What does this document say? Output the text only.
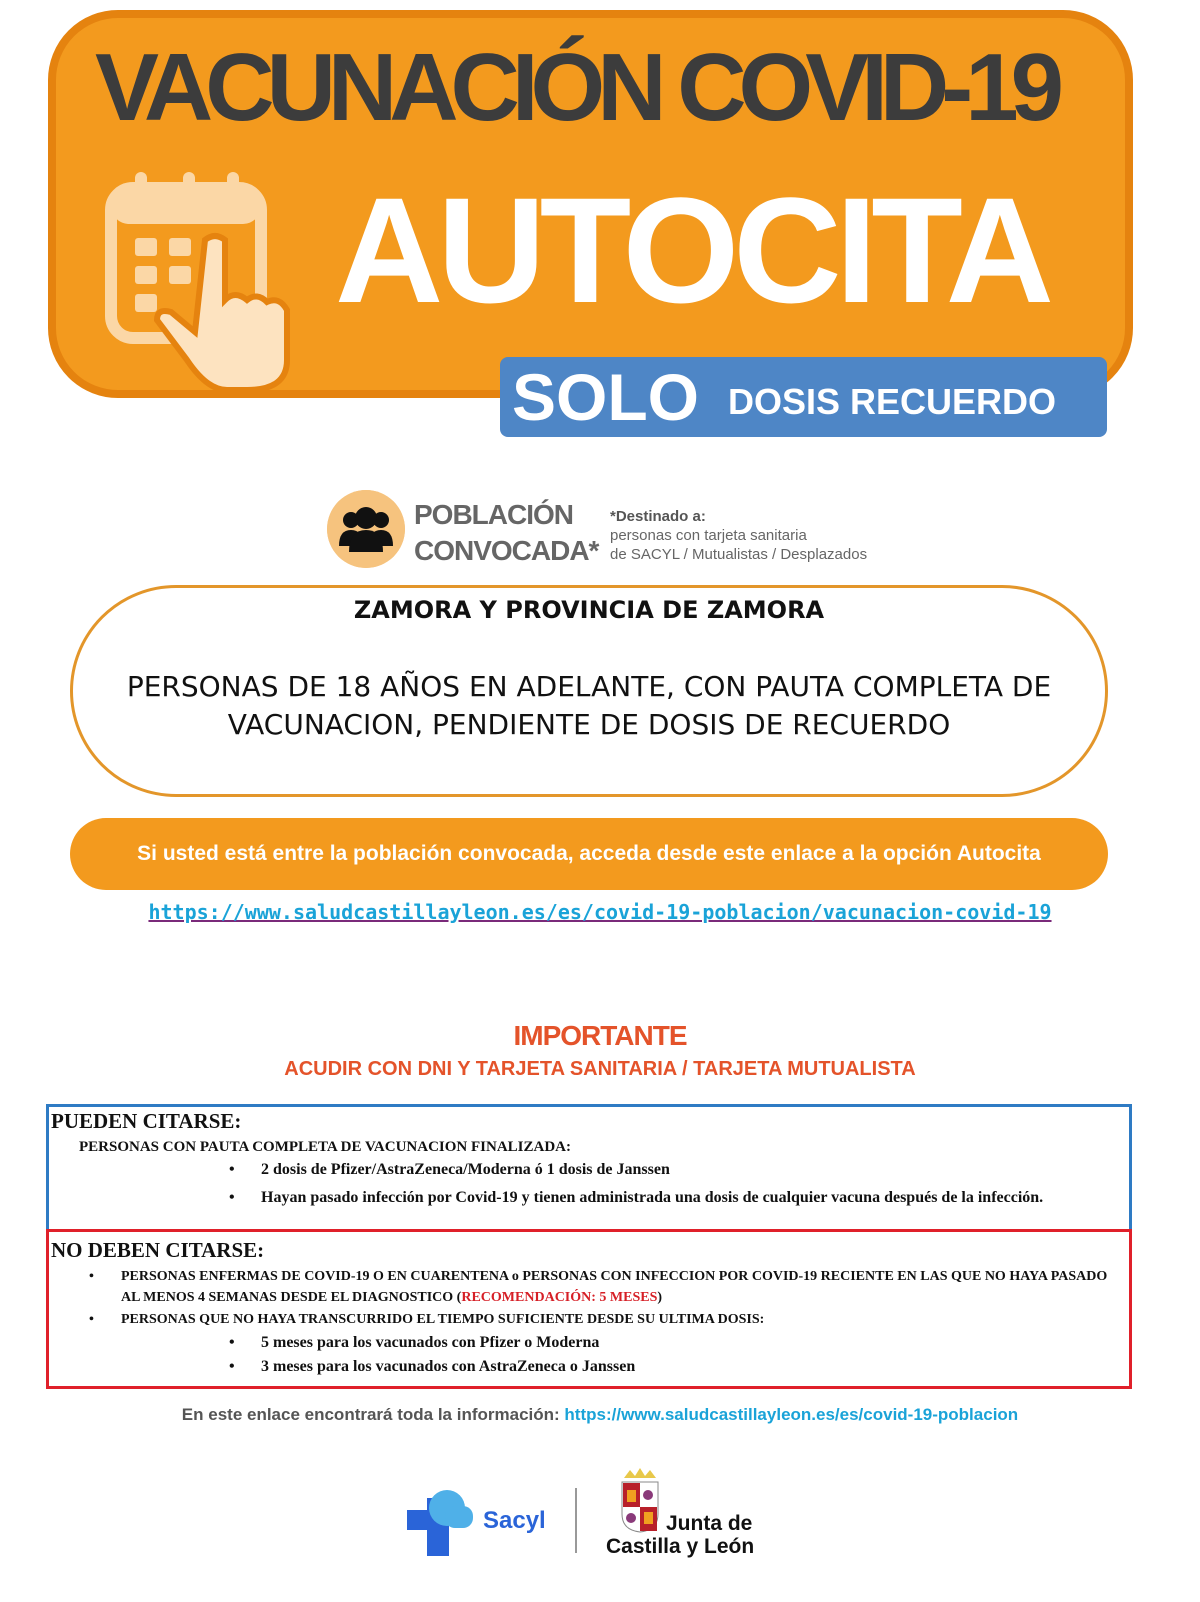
VACUNACIÓN COVID-19
AUTOCITA
SOLO DOSIS RECUERDO
POBLACIÓN
CONVOCADA*
*Destinado a:
personas con tarjeta sanitaria
de SACYL / Mutualistas / Desplazados
ZAMORA Y PROVINCIA DE ZAMORA
PERSONAS DE 18 AÑOS EN ADELANTE, CON PAUTA COMPLETA DE VACUNACION, PENDIENTE DE DOSIS DE RECUERDO
Si usted está entre la población convocada, acceda desde este enlace a la opción Autocita
https://www.saludcastillayleon.es/es/covid-19-poblacion/vacunacion-covid-19
IMPORTANTE
ACUDIR CON DNI Y TARJETA SANITARIA / TARJETA MUTUALISTA
PUEDEN CITARSE:
PERSONAS CON PAUTA COMPLETA DE VACUNACION FINALIZADA:
• 2 dosis de Pfizer/AstraZeneca/Moderna ó 1 dosis de Janssen
• Hayan pasado infección por Covid-19 y tienen administrada una dosis de cualquier vacuna después de la infección.
NO DEBEN CITARSE:
• PERSONAS ENFERMAS DE COVID-19 O EN CUARENTENA o PERSONAS CON INFECCION POR COVID-19 RECIENTE EN LAS QUE NO HAYA PASADO AL MENOS 4 SEMANAS DESDE EL DIAGNOSTICO (RECOMENDACIÓN: 5 MESES)
• PERSONAS QUE NO HAYA TRANSCURRIDO EL TIEMPO SUFICIENTE DESDE SU ULTIMA DOSIS:
• 5 meses para los vacunados con Pfizer o Moderna
• 3 meses para los vacunados con AstraZeneca o Janssen
En este enlace encontrará toda la información: https://www.saludcastillayleon.es/es/covid-19-poblacion
Sacyl	Junta de
Castilla y León
